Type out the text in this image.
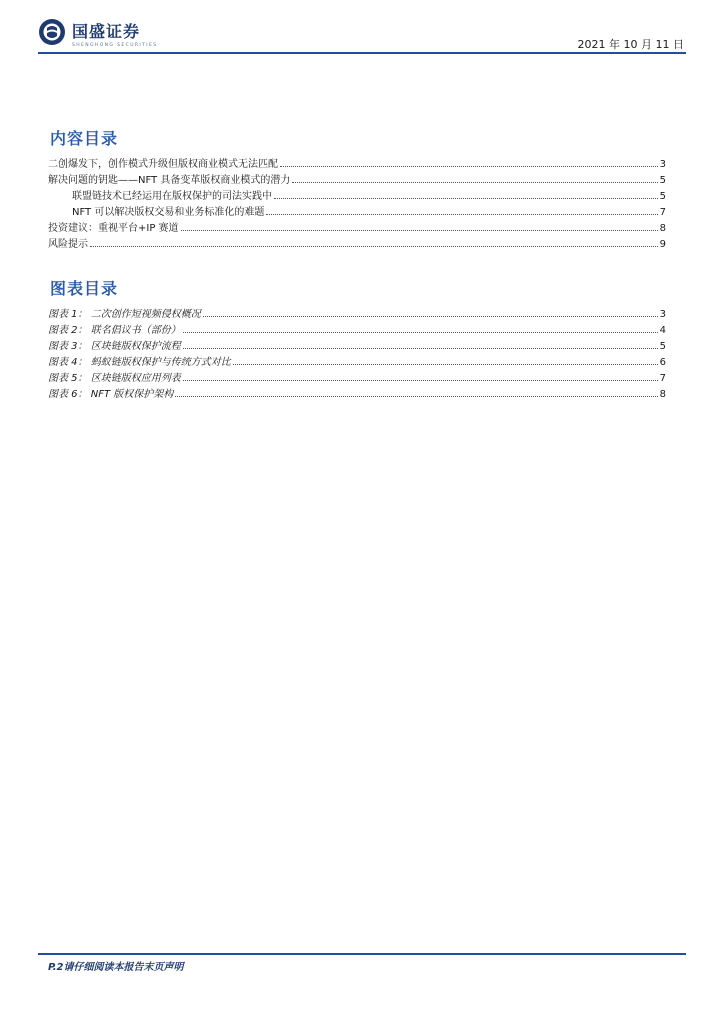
国盛证券
SHENGHONG SECURITIES	2021 年 10 月 11 日
内容目录
二创爆发下，创作模式升级但版权商业模式无法匹配	3
解决问题的钥匙——NFT 具备变革版权商业模式的潜力	5
联盟链技术已经运用在版权保护的司法实践中	5
NFT 可以解决版权交易和业务标准化的难题	7
投资建议：重视平台+IP 赛道	8
风险提示	9
图表目录
图表 1： 二次创作短视频侵权概况	3
图表 2： 联名倡议书（部份）	4
图表 3： 区块链版权保护流程	5
图表 4： 蚂蚁链版权保护与传统方式对比	6
图表 5： 区块链版权应用列表	7
图表 6： NFT 版权保护架构	8
P.2请仔细阅读本报告末页声明
